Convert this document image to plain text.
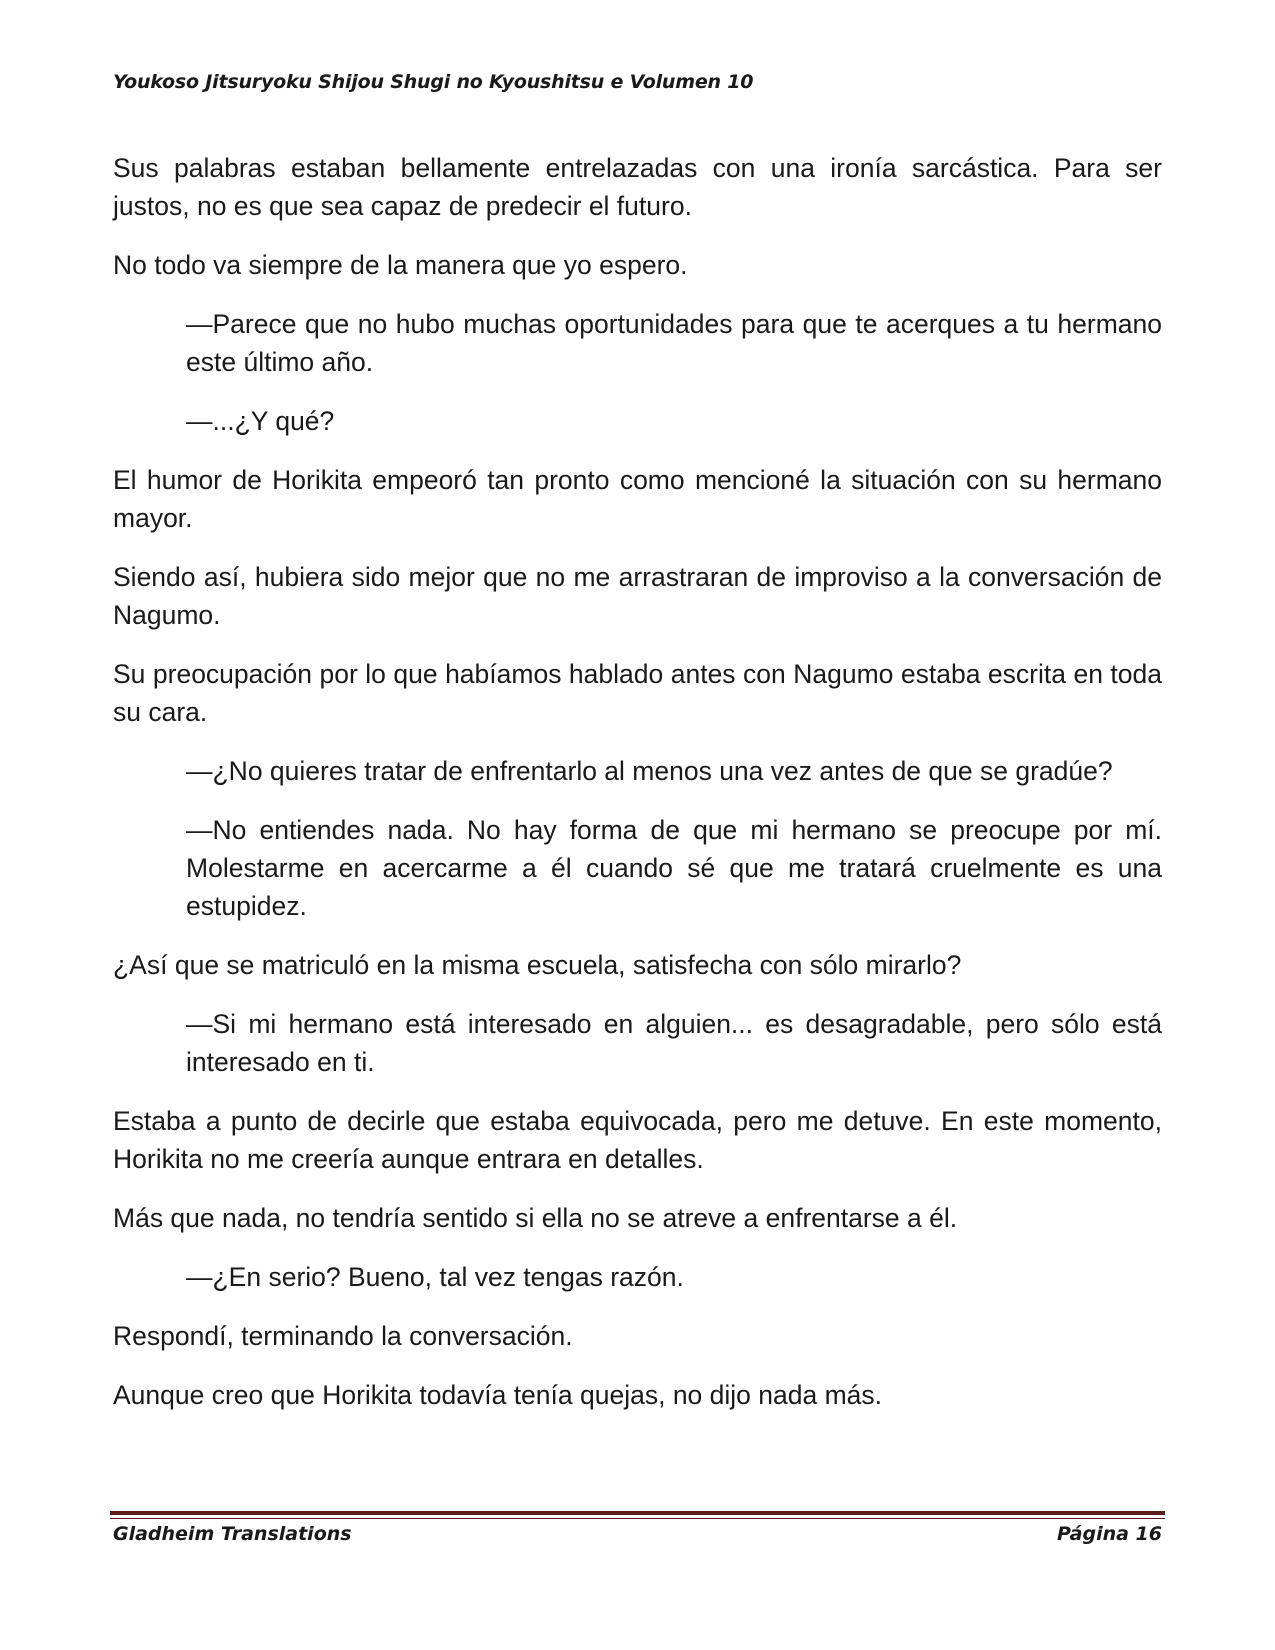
Youkoso Jitsuryoku Shijou Shugi no Kyoushitsu e Volumen 10

Sus palabras estaban bellamente entrelazadas con una ironía sarcástica. Para ser justos, no es que sea capaz de predecir el futuro.

No todo va siempre de la manera que yo espero.

—Parece que no hubo muchas oportunidades para que te acerques a tu hermano este último año.

—...¿Y qué?

El humor de Horikita empeoró tan pronto como mencioné la situación con su hermano mayor.

Siendo así, hubiera sido mejor que no me arrastraran de improviso a la conversación de Nagumo.

Su preocupación por lo que habíamos hablado antes con Nagumo estaba escrita en toda su cara.

—¿No quieres tratar de enfrentarlo al menos una vez antes de que se gradúe?

—No entiendes nada. No hay forma de que mi hermano se preocupe por mí. Molestarme en acercarme a él cuando sé que me tratará cruelmente es una estupidez.

¿Así que se matriculó en la misma escuela, satisfecha con sólo mirarlo?

—Si mi hermano está interesado en alguien... es desagradable, pero sólo está interesado en ti.

Estaba a punto de decirle que estaba equivocada, pero me detuve. En este momento, Horikita no me creería aunque entrara en detalles.

Más que nada, no tendría sentido si ella no se atreve a enfrentarse a él.

—¿En serio? Bueno, tal vez tengas razón.

Respondí, terminando la conversación.

Aunque creo que Horikita todavía tenía quejas, no dijo nada más.

Gladheim Translations	Página 16
